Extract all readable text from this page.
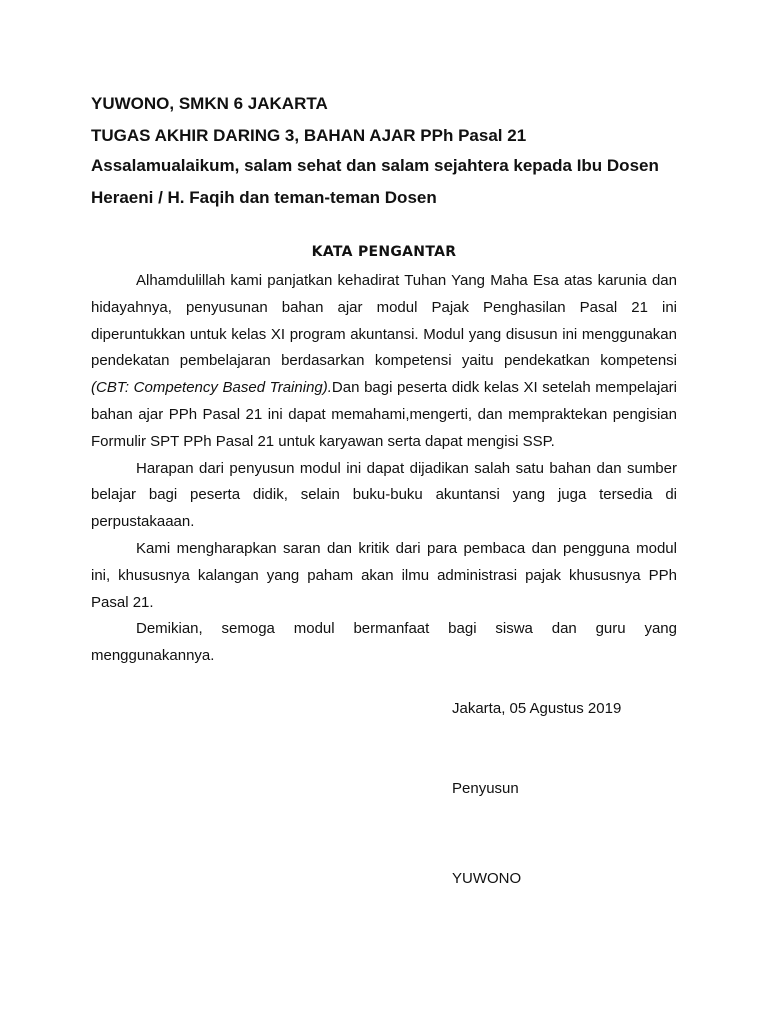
YUWONO, SMKN 6 JAKARTA
TUGAS AKHIR DARING 3, BAHAN AJAR PPh Pasal 21
Assalamualaikum, salam sehat dan salam sejahtera kepada Ibu Dosen
Heraeni / H. Faqih dan teman-teman Dosen
KATA PENGANTAR

Alhamdulillah kami panjatkan kehadirat Tuhan Yang Maha Esa atas karunia dan hidayahnya, penyusunan bahan ajar modul Pajak Penghasilan Pasal 21 ini diperuntukkan untuk kelas XI program akuntansi. Modul yang disusun ini menggunakan pendekatan pembelajaran berdasarkan kompetensi yaitu pendekatkan kompetensi (CBT: Competency Based Training).Dan bagi peserta didk kelas XI setelah mempelajari bahan ajar PPh Pasal 21 ini dapat memahami,mengerti, dan mempraktekan pengisian Formulir SPT PPh Pasal 21 untuk karyawan serta dapat mengisi SSP.

Harapan dari penyusun modul ini dapat dijadikan salah satu bahan dan sumber belajar bagi peserta didik, selain buku-buku akuntansi yang juga tersedia di perpustakaaan.

Kami mengharapkan saran dan kritik dari para pembaca dan pengguna modul ini, khususnya kalangan yang paham akan ilmu administrasi pajak khususnya PPh Pasal 21.

Demikian, semoga modul bermanfaat bagi siswa dan guru yang menggunakannya.

Jakarta, 05 Agustus 2019
Penyusun
YUWONO
